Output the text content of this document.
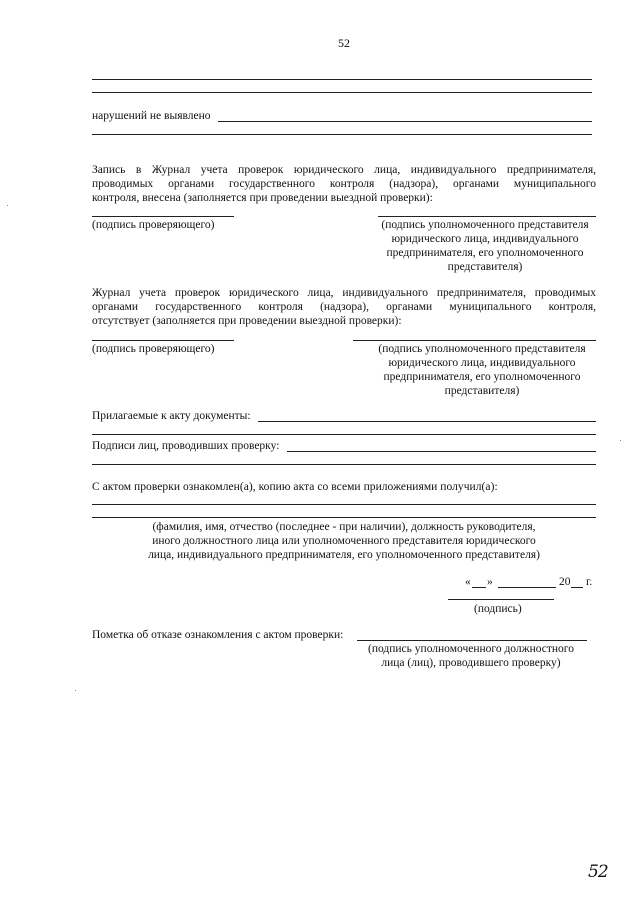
52
нарушений не выявлено
Запись в Журнал учета проверок юридического лица, индивидуального предпринимателя,
проводимых органами государственного контроля (надзора), органами муниципального
контроля, внесена (заполняется при проведении выездной проверки):
(подпись проверяющего)	(подпись уполномоченного представителя
юридического лица, индивидуального
предпринимателя, его уполномоченного
представителя)
Журнал учета проверок юридического лица, индивидуального предпринимателя, проводимых
органами государственного контроля (надзора), органами муниципального контроля,
отсутствует (заполняется при проведении выездной проверки):
(подпись проверяющего)	(подпись уполномоченного представителя
юридического лица, индивидуального
предпринимателя, его уполномоченного
представителя)
Прилагаемые к акту документы:
Подписи лиц, проводивших проверку:
С актом проверки ознакомлен(а), копию акта со всеми приложениями получил(а):
(фамилия, имя, отчество (последнее - при наличии), должность руководителя,
иного должностного лица или уполномоченного представителя юридического
лица, индивидуального предпринимателя, его уполномоченного представителя)
« »	20 г.
(подпись)
Пометка об отказе ознакомления с актом проверки:
(подпись уполномоченного должностного
лица (лиц), проводившего проверку)
52
